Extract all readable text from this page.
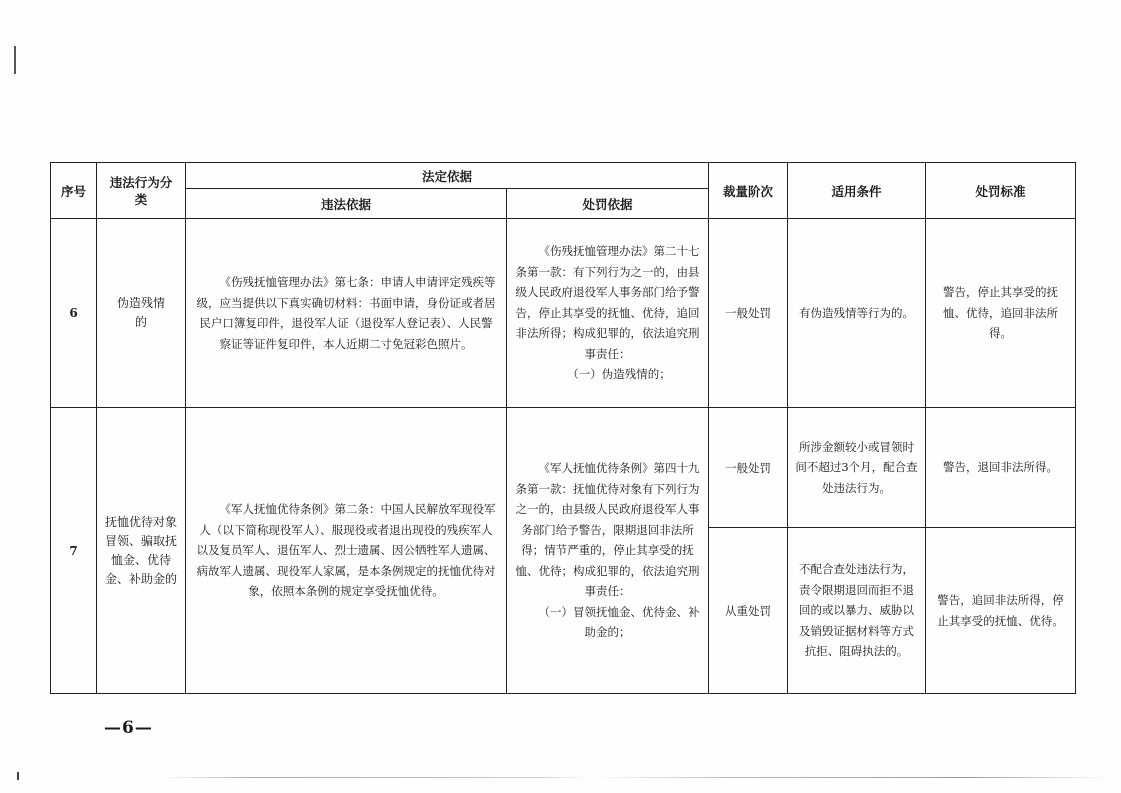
序号	违法行为分类	法定依据		裁量阶次	适用条件	处罚标准

		违法依据	处罚依据			

6	伪造残情的	《伤残抚恤管理办法》第七条：申请人申请评定残疾等级，应当提供以下真实确切材料：书面申请，身份证或者居民户口簿复印件，退役军人证（退役军人登记表）、人民警察证等证件复印件，本人近期二寸免冠彩色照片。	《伤残抚恤管理办法》第二十七条第一款：有下列行为之一的，由县级人民政府退役军人事务部门给予警告，停止其享受的抚恤、优待，追回非法所得；构成犯罪的，依法追究刑事责任：
（一）伪造残情的；	一般处罚	有伪造残情等行为的。	警告，停止其享受的抚恤、优待，追回非法所得。

7	抚恤优待对象冒领、骗取抚恤金、优待金、补助金的	《军人抚恤优待条例》第二条：中国人民解放军现役军人（以下简称现役军人）、服现役或者退出现役的残疾军人以及复员军人、退伍军人、烈士遗属、因公牺牲军人遗属、病故军人遗属、现役军人家属，是本条例规定的抚恤优待对象，依照本条例的规定享受抚恤优待。	《军人抚恤优待条例》第四十九条第一款：抚恤优待对象有下列行为之一的，由县级人民政府退役军人事务部门给予警告，限期退回非法所得；情节严重的，停止其享受的抚恤、优待；构成犯罪的，依法追究刑事责任：
（一）冒领抚恤金、优待金、补助金的；	一般处罚	所涉金额较小或冒领时间不超过3个月，配合查处违法行为。	警告，退回非法所得。

				从重处罚	不配合查处违法行为，责令限期退回而拒不退回的或以暴力、威胁以及销毁证据材料等方式抗拒、阻碍执法的。	警告，追回非法所得，停止其享受的抚恤、优待。
—6—
